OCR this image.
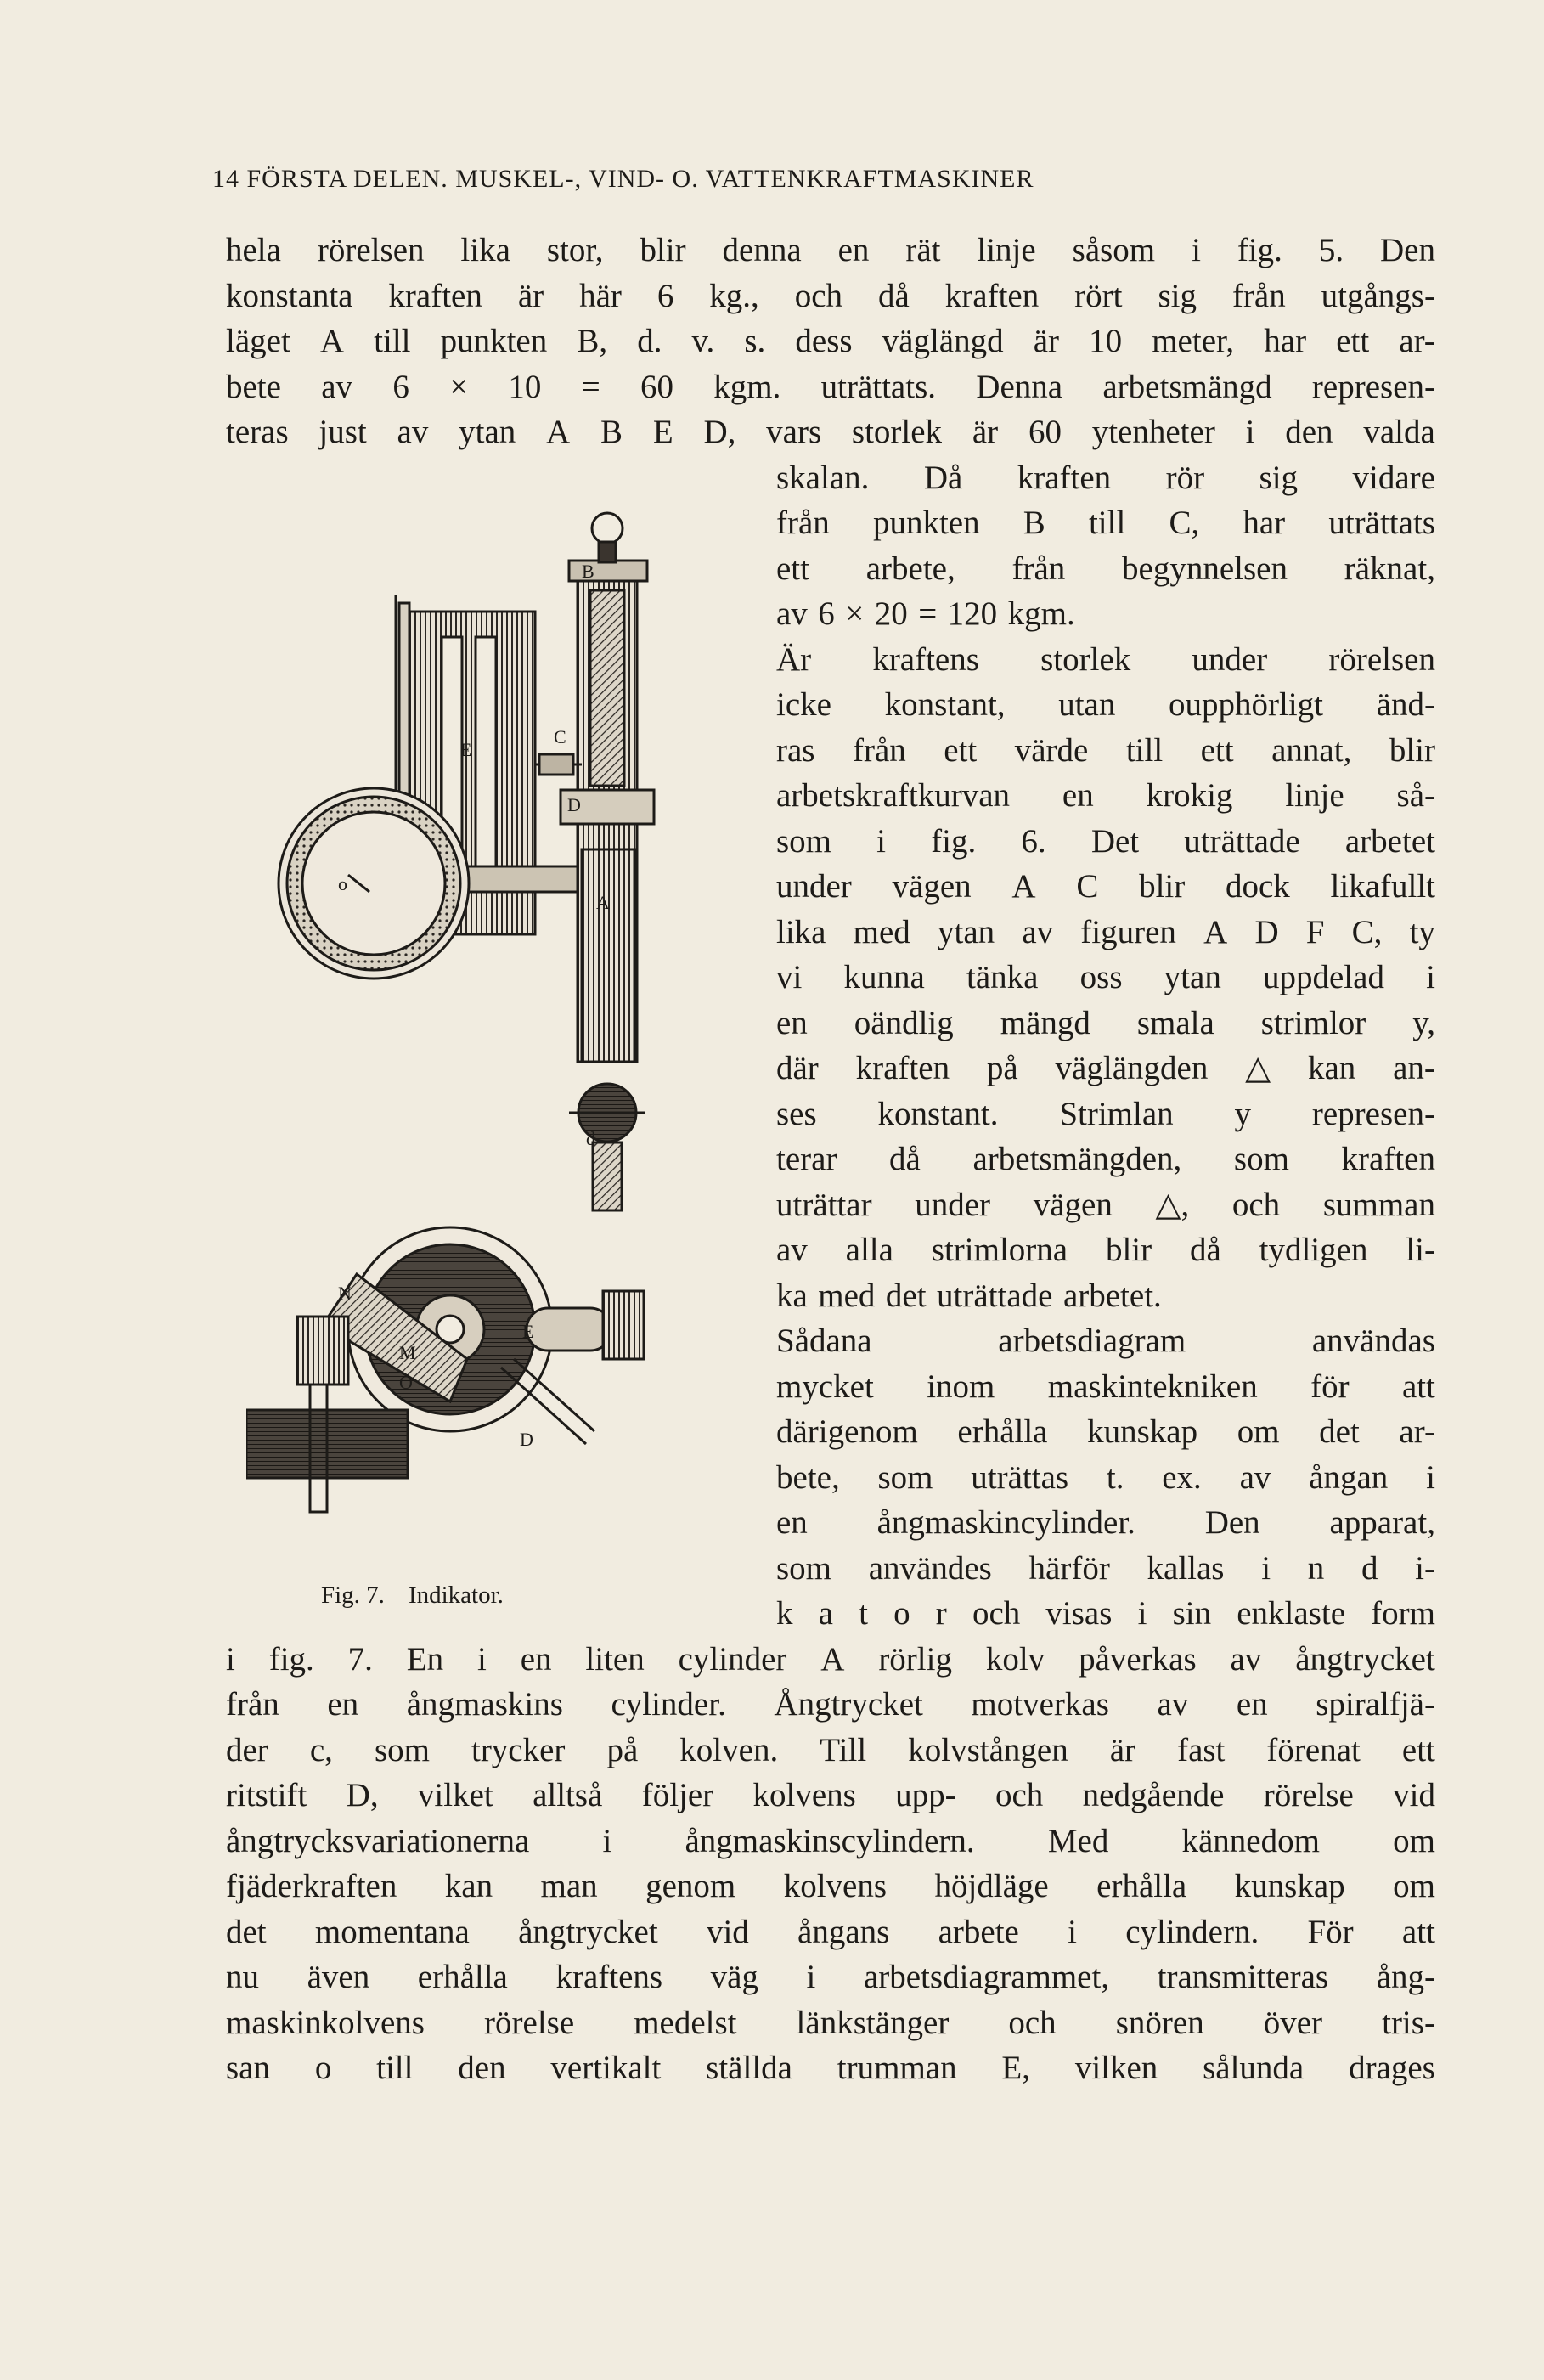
14 FÖRSTA DELEN. MUSKEL-, VIND- O. VATTENKRAFTMASKINER
hela rörelsen lika stor, blir denna en rät linje såsom i fig. 5. Den
konstanta kraften är här 6 kg., och då kraften rört sig från utgångs-
läget A till punkten B, d. v. s. dess väglängd är 10 meter, har ett ar-
bete av 6 × 10 = 60 kgm. uträttats. Denna arbetsmängd represen-
teras just av ytan A B E D, vars storlek är 60 ytenheter i den valda
skalan. Då kraften rör sig vidare
från punkten B till C, har uträttats
ett arbete, från begynnelsen räknat,
av 6 × 20 = 120 kgm.
Är kraftens storlek under rörelsen
icke konstant, utan oupphörligt änd-
ras från ett värde till ett annat, blir
arbetskraftkurvan en krokig linje så-
som i fig. 6. Det uträttade arbetet
under vägen A C blir dock likafullt
lika med ytan av figuren A D F C, ty
vi kunna tänka oss ytan uppdelad i
en oändlig mängd smala strimlor y,
där kraften på väglängden △ kan an-
ses konstant. Strimlan y represen-
terar då arbetsmängden, som kraften
uträttar under vägen △, och summan
av alla strimlorna blir då tydligen li-
ka med det uträttade arbetet.
Sådana	arbetsdiagram	användas
mycket inom maskintekniken för att
därigenom erhålla kunskap om det ar-
bete, som uträttas t. ex. av ångan i
en ångmaskincylinder. Den apparat,
som användes härför kallas i n d i-
k a t o r och visas i sin enklaste form
i fig. 7. En i en liten cylinder A rörlig kolv påverkas av ångtrycket
från en ångmaskins cylinder. Ångtrycket motverkas av en spiralfjä-
der c, som trycker på kolven. Till kolvstången är fast förenat ett
ritstift D, vilket alltså följer kolvens upp- och nedgående rörelse vid
ångtrycksvariationerna i ångmaskinscylindern. Med kännedom om
fjäderkraften kan man genom kolvens höjdläge erhålla kunskap om
det momentana ångtrycket vid ångans arbete i cylindern. För att
nu även erhålla kraftens väg i arbetsdiagrammet, transmitteras ång-
maskinkolvens rörelse medelst länkstänger och snören över tris-
san o till den vertikalt ställda trumman E, vilken sålunda drages
B
E
C
D
A
o
d
N
M
O
D
E
Fig. 7. Indikator.
